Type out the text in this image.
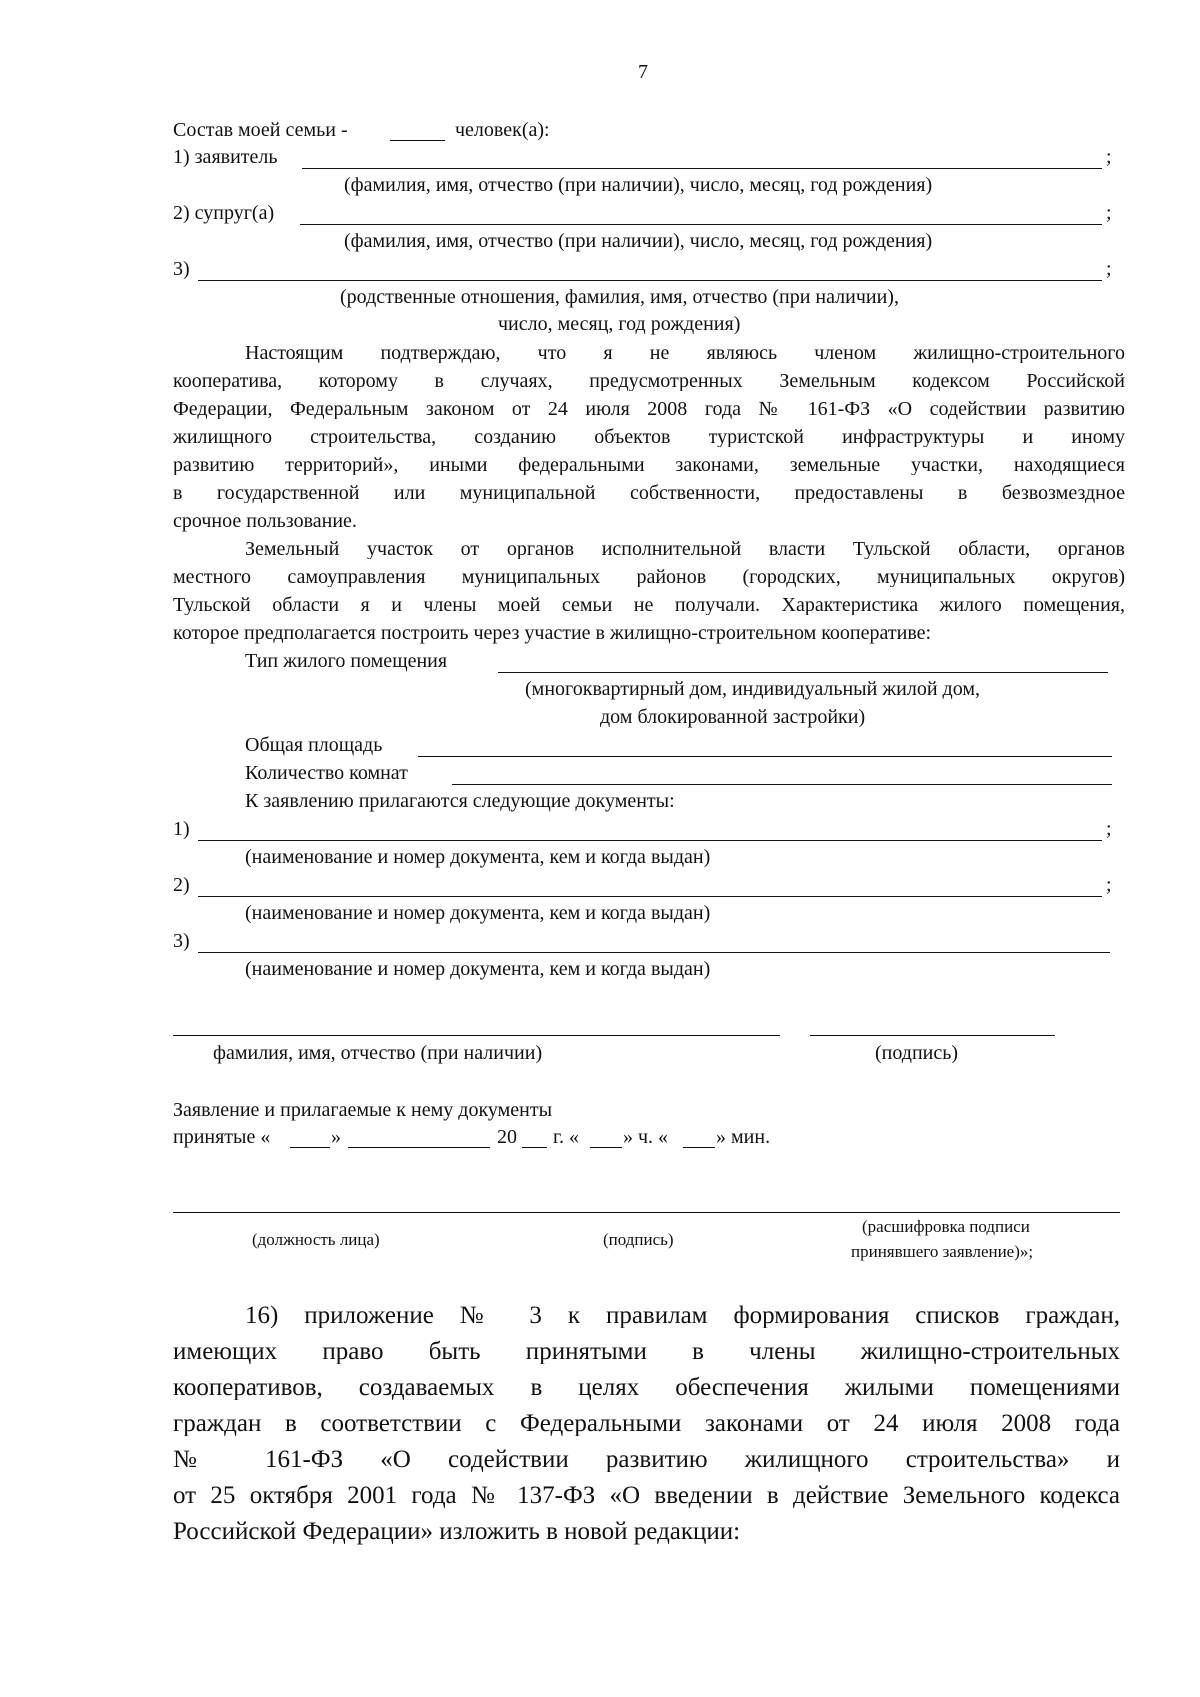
7
Состав моей семьи -	человек(а):
1) заявитель	;
(фамилия, имя, отчество (при наличии), число, месяц, год рождения)
2) супруг(а)	;
(фамилия, имя, отчество (при наличии), число, месяц, год рождения)
3)	;
(родственные отношения, фамилия, имя, отчество (при наличии),
число, месяц, год рождения)
Настоящим подтверждаю, что я не являюсь членом жилищно-строительного
кооператива, которому в случаях, предусмотренных Земельным кодексом Российской
Федерации, Федеральным законом от 24 июля 2008 года № 161-ФЗ «О содействии развитию
жилищного строительства, созданию объектов туристской инфраструктуры и иному
развитию территорий», иными федеральными законами, земельные участки, находящиеся
в государственной или муниципальной собственности, предоставлены в безвозмездное
срочное пользование.
Земельный участок от органов исполнительной власти Тульской области, органов
местного самоуправления муниципальных районов (городских, муниципальных округов)
Тульской области я и члены моей семьи не получали. Характеристика жилого помещения,
которое предполагается построить через участие в жилищно-строительном кооперативе:
Тип жилого помещения
(многоквартирный дом, индивидуальный жилой дом,
дом блокированной застройки)
Общая площадь
Количество комнат
К заявлению прилагаются следующие документы:
1)	;
(наименование и номер документа, кем и когда выдан)
2)	;
(наименование и номер документа, кем и когда выдан)
3)
(наименование и номер документа, кем и когда выдан)
фамилия, имя, отчество (при наличии)	(подпись)
Заявление и прилагаемые к нему документы
принятые «	»	20 г. « » ч. « » мин.
(должность лица)	(подпись)
(расшифровка подписи
принявшего заявление)»;
16) приложение № 3 к правилам формирования списков граждан,
имеющих право быть принятыми в члены жилищно-строительных
кооперативов, создаваемых в целях обеспечения жилыми помещениями
граждан в соответствии с Федеральными законами от 24 июля 2008 года
№ 161-ФЗ «О содействии развитию жилищного строительства» и
от 25 октября 2001 года № 137-ФЗ «О введении в действие Земельного кодекса
Российской Федерации» изложить в новой редакции:
